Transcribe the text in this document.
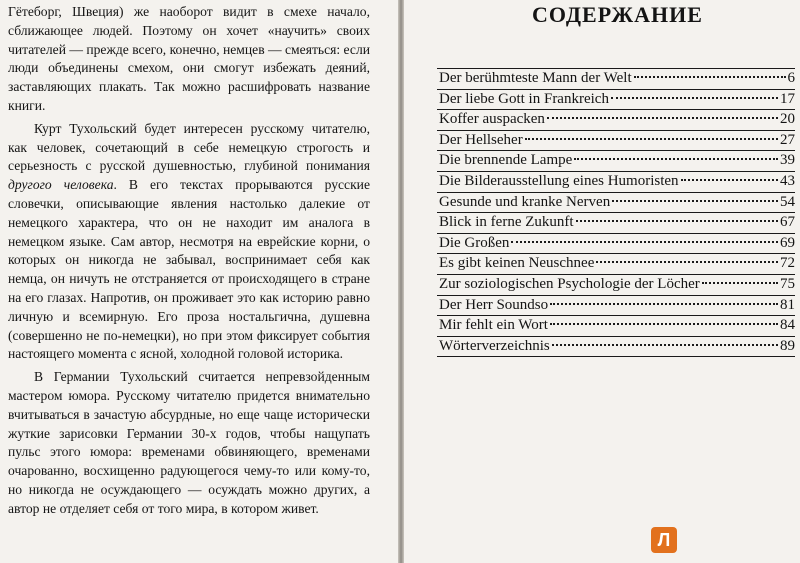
Гётеборг, Швеция) же наоборот видит в смехе начало, сближающее людей. Поэтому он хочет «научить» своих читателей — прежде всего, конечно, немцев — смеяться: если люди объединены смехом, они смогут избежать деяний, заставляющих плакать. Так можно расшифровать название книги.

Курт Тухольский будет интересен русскому читателю, как человек, сочетающий в себе немецкую строгость и серьезность с русской душевностью, глубиной понимания другого человека. В его текстах прорываются русские словечки, описывающие явления настолько далекие от немецкого характера, что он не находит им аналога в немецком языке. Сам автор, несмотря на еврейские корни, о которых он никогда не забывал, воспринимает себя как немца, он ничуть не отстраняется от происходящего в стране на его глазах. Напротив, он проживает это как историю равно личную и всемирную. Его проза ностальгична, душевна (совершенно не по-немецки), но при этом фиксирует события настоящего момента с ясной, холодной головой историка.

В Германии Тухольский считается непревзойденным мастером юмора. Русскому читателю придется внимательно вчитываться в зачастую абсурдные, но еще чаще исторически жуткие зарисовки Германии 30-х годов, чтобы нащупать пульс этого юмора: временами обвиняющего, временами очарованно, восхищенно радующегося чему-то или кому-то, но никогда не осуждающего — осуждать можно других, а автор не отделяет себя от того мира, в котором живет.

СОДЕРЖАНИЕ
Der berühmteste Mann der Welt	6
Der liebe Gott in Frankreich	17
Koffer auspacken	20
Der Hellseher	27
Die brennende Lampe	39
Die Bilderausstellung eines Humoristen	43
Gesunde und kranke Nerven	54
Blick in ferne Zukunft	67
Die Großen	69
Es gibt keinen Neuschnee	72
Zur soziologischen Psychologie der Löcher	75
Der Herr Soundso	81
Mir fehlt ein Wort	84
Wörterverzeichnis	89
Л
